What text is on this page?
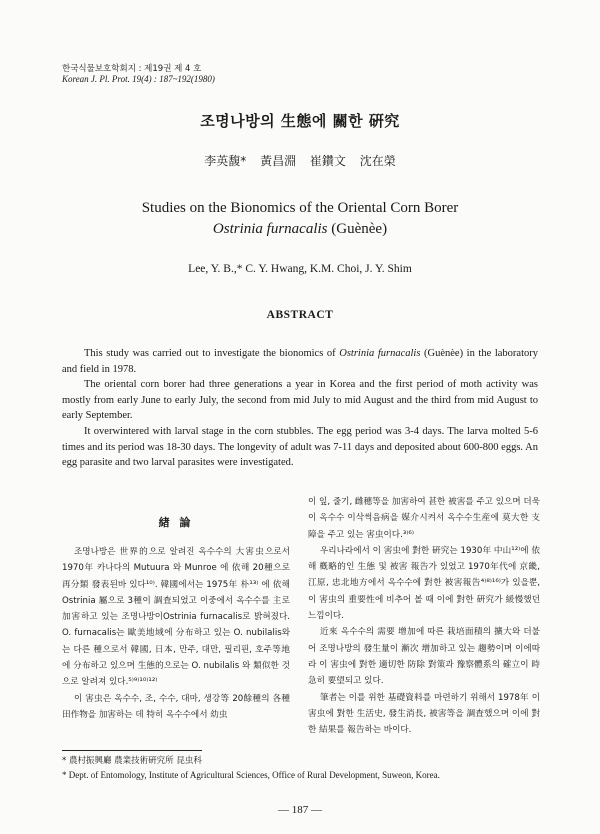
한국식물보호학회지 : 제19권 제 4 호
Korean J. Pl. Prot. 19(4) : 187~192(1980)
조명나방의 生態에 關한 硏究
李英馥* 黃昌淵 崔鑽文 沈在榮
Studies on the Bionomics of the Oriental Corn Borer
Ostrinia furnacalis (Guènèe)
Lee, Y. B.,* C. Y. Hwang, K.M. Choi, J. Y. Shim
ABSTRACT

This study was carried out to investigate the bionomics of Ostrinia furnacalis (Guènèe) in the laboratory and field in 1978.

The oriental corn borer had three generations a year in Korea and the first period of moth activity was mostly from early June to early July, the second from mid July to mid August and the third from mid August to early September.

It overwintered with larval stage in the corn stubbles. The egg period was 3-4 days. The larva molted 5-6 times and its period was 18-30 days. The longevity of adult was 7-11 days and deposited about 600-800 eggs. An egg parasite and two larval parasites were investigated.

緖 論

조명나방은 世界的으로 알려진 옥수수의 大害虫으로서 1970年 카나다의 Mutuura 와 Munroe 에 依해 20種으로 再分類 發表된바 있다¹⁰⁾. 韓國에서는 1975年 朴¹³⁾ 에 依해 Ostrinia 屬으로 3種이 調査되었고 이중에서 옥수수를 主로 加害하고 있는 조명나방이Ostrinia furnacalis로 밝혀졌다. O. furnacalis는 歐美地域에 分布하고 있는 O. nubilalis와는 다른 種으로서 韓國, 日本, 만주, 대만, 필리핀, 호주等地에 分布하고 있으며 生態的으로는 O. nubilalis 와 類似한 것으로 알려져 있다.⁵⁾⁹⁾¹⁰⁾¹²⁾

이 害虫은 옥수수, 조, 수수, 대마, 생강等 20餘種의 各種 田作物을 加害하는 데 特히 옥수수에서 幼虫

이 잎, 줄기, 雌穗等을 加害하여 甚한 被害를 주고 있으며 더욱이 옥수수 이삭썩음病을 媒介시켜서 옥수수生産에 莫大한 支障을 주고 있는 害虫이다.³⁾⁶⁾

우리나라에서 이 害虫에 對한 硏究는 1930年 中山¹²⁾에 依해 槪略的인 生態 및 被害 報告가 있었고 1970年代에 京畿, 江原, 忠北地方에서 옥수수에 對한 被害報告⁴⁾⁸⁾¹⁶⁾가 있을뿐, 이 害虫의 重要性에 비추어 볼 때 이에 對한 硏究가 緩慢했던 느낌이다.

近來 옥수수의 需要 增加에 따른 栽培面積의 擴大와 더불어 조명나방의 發生量이 漸次 增加하고 있는 趨勢이며 이에따라 이 害虫에 對한 適切한 防除 對策과 豫察體系의 確立이 時急히 要望되고 있다.

筆者는 이를 위한 基礎資料를 마련하기 위해서 1978年 이 害虫에 對한 生活史, 發生消長, 被害等을 調査했으며 이에 對한 結果를 報告하는 바이다.

* 農村振興廳 農業技術硏究所 昆虫科
* Dept. of Entomology, Institute of Agricultural Sciences, Office of Rural Development, Suweon, Korea.
— 187 —
